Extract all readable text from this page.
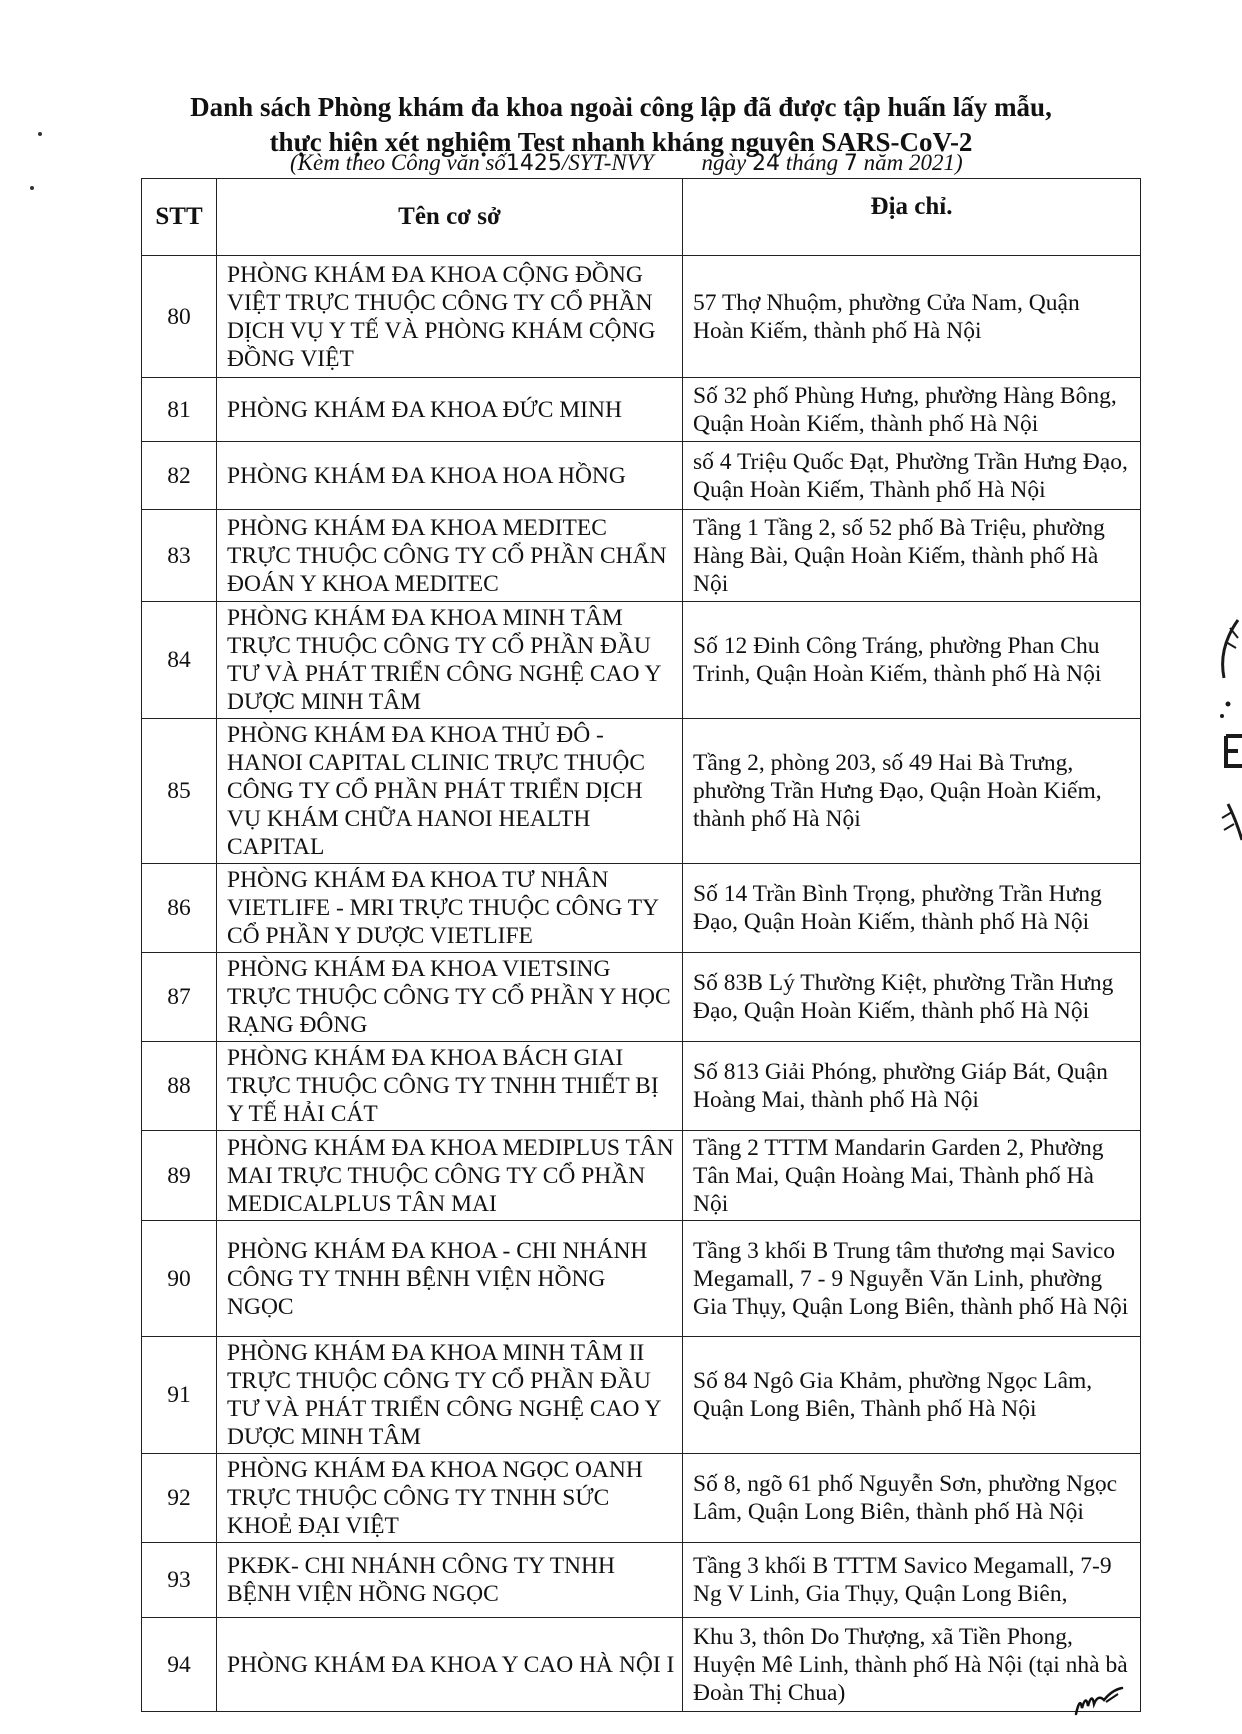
Danh sách Phòng khám đa khoa ngoài công lập đã được tập huấn lấy mẫu,
thực hiện xét nghiệm Test nhanh kháng nguyên SARS-CoV-2
(Kèm theo Công văn số1425/SYT-NVY ngày 24 tháng 7 năm 2021)
STT	Tên cơ sở	Địa chỉ.
80	PHÒNG KHÁM ĐA KHOA CỘNG ĐỒNG VIỆT TRỰC THUỘC CÔNG TY CỔ PHẦN DỊCH VỤ Y TẾ VÀ PHÒNG KHÁM CỘNG ĐỒNG VIỆT	57 Thợ Nhuộm, phường Cửa Nam, Quận Hoàn Kiếm, thành phố Hà Nội
81	PHÒNG KHÁM ĐA KHOA ĐỨC MINH	Số 32 phố Phùng Hưng, phường Hàng Bông, Quận Hoàn Kiếm, thành phố Hà Nội
82	PHÒNG KHÁM ĐA KHOA HOA HỒNG	số 4 Triệu Quốc Đạt, Phường Trần Hưng Đạo, Quận Hoàn Kiếm, Thành phố Hà Nội
83	PHÒNG KHÁM ĐA KHOA MEDITEC TRỰC THUỘC CÔNG TY CỔ PHẦN CHẨN ĐOÁN Y KHOA MEDITEC	Tầng 1 Tầng 2, số 52 phố Bà Triệu, phường Hàng Bài, Quận Hoàn Kiếm, thành phố Hà Nội
84	PHÒNG KHÁM ĐA KHOA MINH TÂM TRỰC THUỘC CÔNG TY CỔ PHẦN ĐẦU TƯ VÀ PHÁT TRIỂN CÔNG NGHỆ CAO Y DƯỢC MINH TÂM	Số 12 Đinh Công Tráng, phường Phan Chu Trinh, Quận Hoàn Kiếm, thành phố Hà Nội
85	PHÒNG KHÁM ĐA KHOA THỦ ĐÔ - HANOI CAPITAL CLINIC TRỰC THUỘC CÔNG TY CỔ PHẦN PHÁT TRIỂN DỊCH VỤ KHÁM CHỮA HANOI HEALTH CAPITAL	Tầng 2, phòng 203, số 49 Hai Bà Trưng, phường Trần Hưng Đạo, Quận Hoàn Kiếm, thành phố Hà Nội
86	PHÒNG KHÁM ĐA KHOA TƯ NHÂN VIETLIFE - MRI TRỰC THUỘC CÔNG TY CỔ PHẦN Y DƯỢC VIETLIFE	Số 14 Trần Bình Trọng, phường Trần Hưng Đạo, Quận Hoàn Kiếm, thành phố Hà Nội
87	PHÒNG KHÁM ĐA KHOA VIETSING TRỰC THUỘC CÔNG TY CỔ PHẦN Y HỌC RẠNG ĐÔNG	Số 83B Lý Thường Kiệt, phường Trần Hưng Đạo, Quận Hoàn Kiếm, thành phố Hà Nội
88	PHÒNG KHÁM ĐA KHOA BÁCH GIAI TRỰC THUỘC CÔNG TY TNHH THIẾT BỊ Y TẾ HẢI CÁT	Số 813 Giải Phóng, phường Giáp Bát, Quận Hoàng Mai, thành phố Hà Nội
89	PHÒNG KHÁM ĐA KHOA MEDIPLUS TÂN MAI TRỰC THUỘC CÔNG TY CỔ PHẦN MEDICALPLUS TÂN MAI	Tầng 2 TTTM Mandarin Garden 2, Phường Tân Mai, Quận Hoàng Mai, Thành phố Hà Nội
90	PHÒNG KHÁM ĐA KHOA - CHI NHÁNH CÔNG TY TNHH BỆNH VIỆN HỒNG NGỌC	Tầng 3 khối B Trung tâm thương mại Savico Megamall, 7 - 9 Nguyễn Văn Linh, phường Gia Thụy, Quận Long Biên, thành phố Hà Nội
91	PHÒNG KHÁM ĐA KHOA MINH TÂM II TRỰC THUỘC CÔNG TY CỔ PHẦN ĐẦU TƯ VÀ PHÁT TRIỂN CÔNG NGHỆ CAO Y DƯỢC MINH TÂM	Số 84 Ngô Gia Khảm, phường Ngọc Lâm, Quận Long Biên, Thành phố Hà Nội
92	PHÒNG KHÁM ĐA KHOA NGỌC OANH TRỰC THUỘC CÔNG TY TNHH SỨC KHOẺ ĐẠI VIỆT	Số 8, ngõ 61 phố Nguyễn Sơn, phường Ngọc Lâm, Quận Long Biên, thành phố Hà Nội
93	PKĐK- CHI NHÁNH CÔNG TY TNHH BỆNH VIỆN HỒNG NGỌC	Tầng 3 khối B TTTM Savico Megamall, 7-9 Ng V Linh, Gia Thụy, Quận Long Biên,
94	PHÒNG KHÁM ĐA KHOA Y CAO HÀ NỘI I	Khu 3, thôn Do Thượng, xã Tiền Phong, Huyện Mê Linh, thành phố Hà Nội (tại nhà bà Đoàn Thị Chua)
